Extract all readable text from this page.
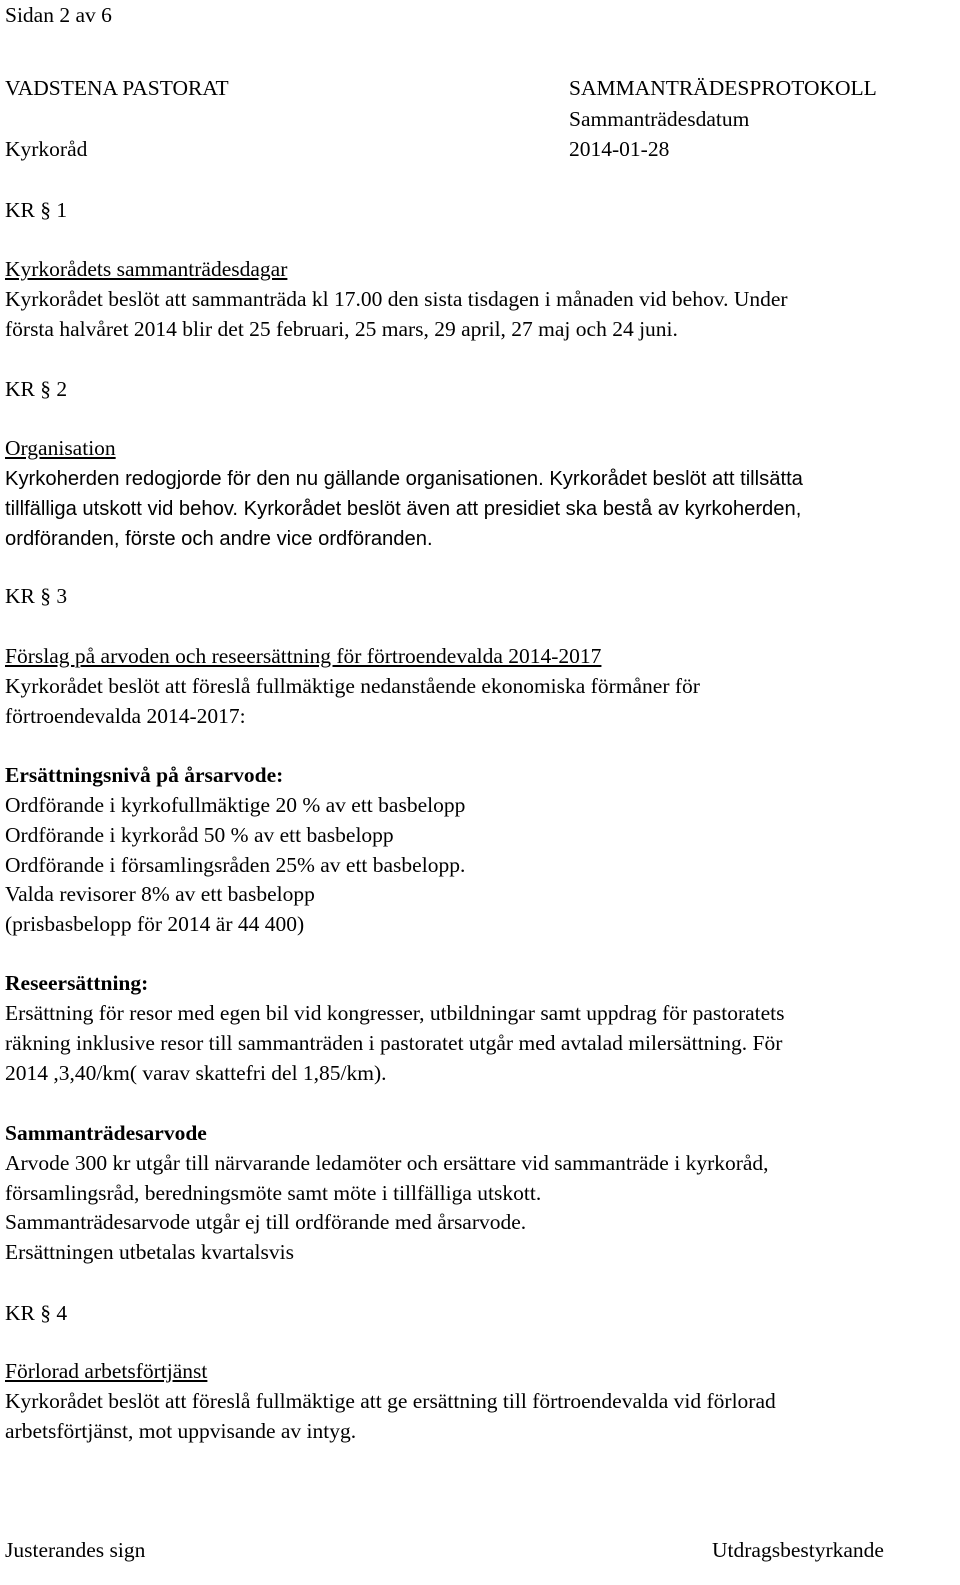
Sidan 2 av 6
VADSTENA PASTORAT	SAMMANTRÄDESPROTOKOLL
Sammanträdesdatum
Kyrkoråd	2014-01-28
KR § 1
Kyrkorådets sammanträdesdagar
Kyrkorådet beslöt att sammanträda kl 17.00 den sista tisdagen i månaden vid behov. Under
första halvåret 2014 blir det 25 februari, 25 mars, 29 april, 27 maj och 24 juni.
KR § 2
Organisation
Kyrkoherden redogjorde för den nu gällande organisationen. Kyrkorådet beslöt att tillsätta
tillfälliga utskott vid behov. Kyrkorådet beslöt även att presidiet ska bestå av kyrkoherden,
ordföranden, förste och andre vice ordföranden.
KR § 3
Förslag på arvoden och reseersättning för förtroendevalda 2014-2017
Kyrkorådet beslöt att föreslå fullmäktige nedanstående ekonomiska förmåner för
förtroendevalda 2014-2017:
Ersättningsnivå på årsarvode:
Ordförande i kyrkofullmäktige 20 % av ett basbelopp
Ordförande i kyrkoråd 50 % av ett basbelopp
Ordförande i församlingsråden 25% av ett basbelopp.
Valda revisorer 8% av ett basbelopp
(prisbasbelopp för 2014 är 44 400)
Reseersättning:
Ersättning för resor med egen bil vid kongresser, utbildningar samt uppdrag för pastoratets
räkning inklusive resor till sammanträden i pastoratet utgår med avtalad milersättning. För
2014 ,3,40/km( varav skattefri del 1,85/km).
Sammanträdesarvode
Arvode 300 kr utgår till närvarande ledamöter och ersättare vid sammanträde i kyrkoråd,
församlingsråd, beredningsmöte samt möte i tillfälliga utskott.
Sammanträdesarvode utgår ej till ordförande med årsarvode.
Ersättningen utbetalas kvartalsvis
KR § 4
Förlorad arbetsförtjänst
Kyrkorådet beslöt att föreslå fullmäktige att ge ersättning till förtroendevalda vid förlorad
arbetsförtjänst, mot uppvisande av intyg.
Justerandes sign	Utdragsbestyrkande
